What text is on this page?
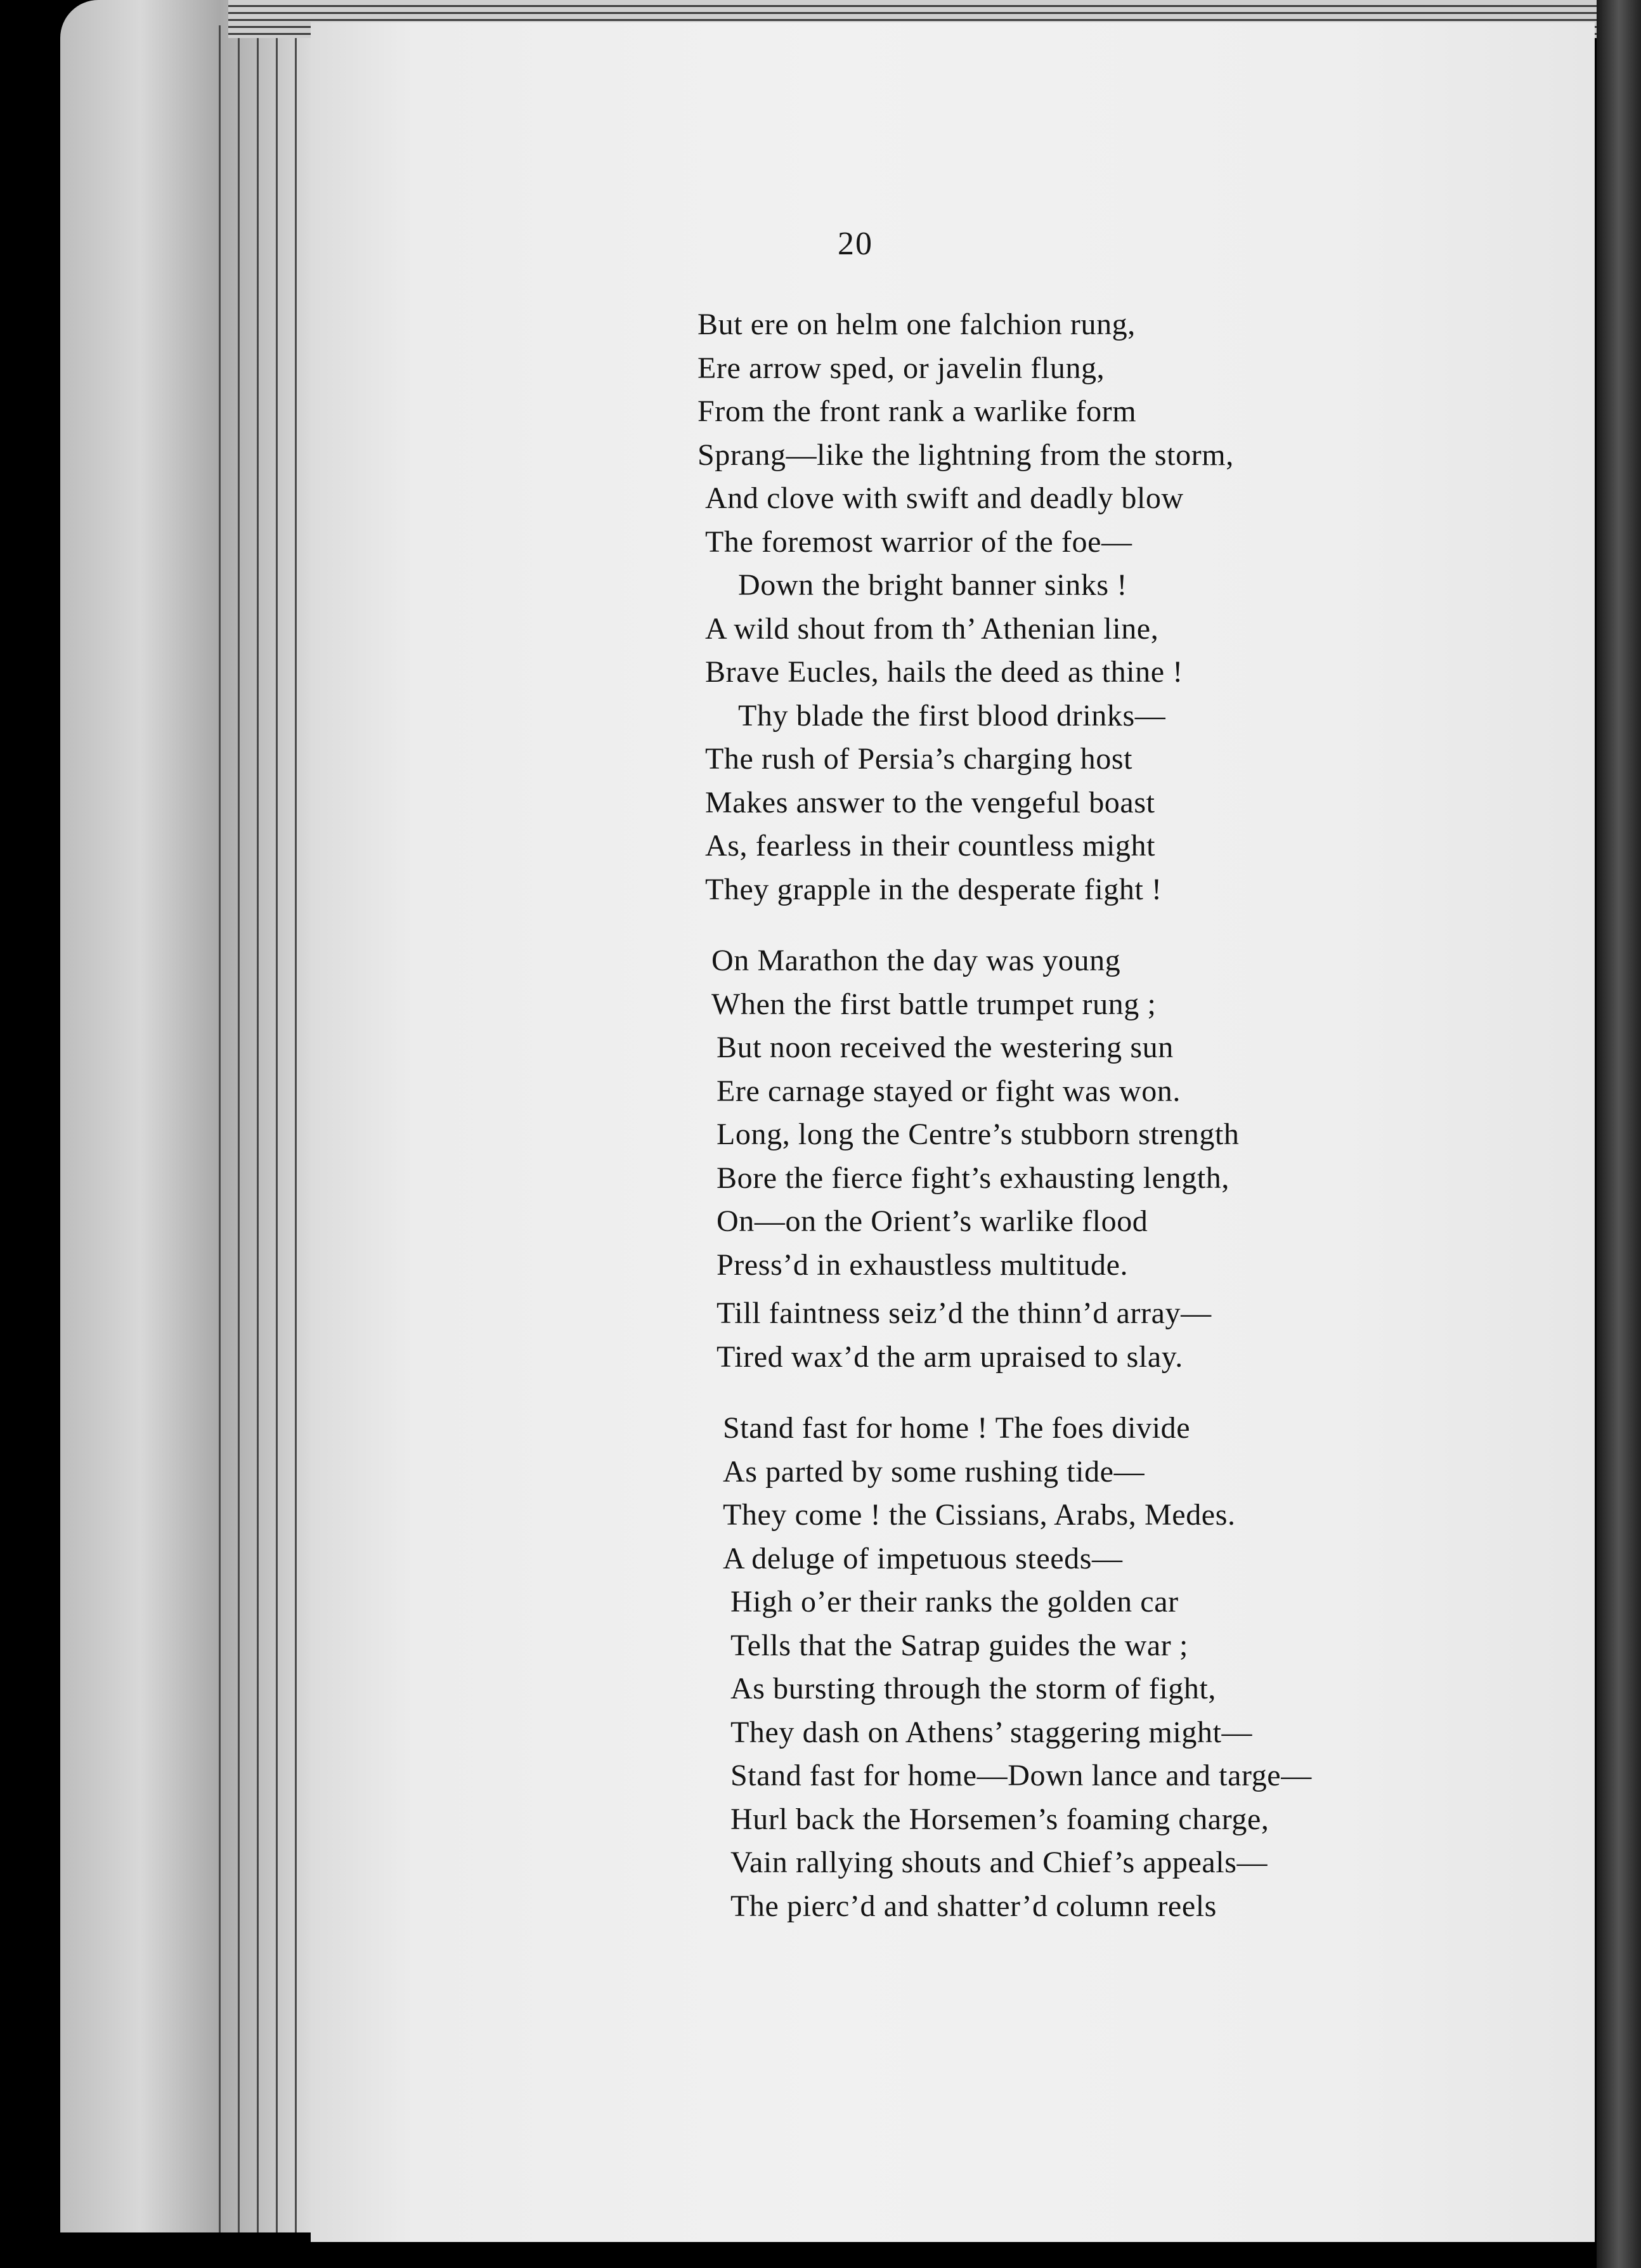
20
But ere on helm one falchion rung,
Ere arrow sped, or javelin flung,
From the front rank a warlike form
Sprang—like the lightning from the storm,
And clove with swift and deadly blow
The foremost warrior of the foe—
Down the bright banner sinks !
A wild shout from th’ Athenian line,
Brave Eucles, hails the deed as thine !
Thy blade the first blood drinks—
The rush of Persia’s charging host
Makes answer to the vengeful boast
As, fearless in their countless might
They grapple in the desperate fight !
On Marathon the day was young
When the first battle trumpet rung ;
But noon received the westering sun
Ere carnage stayed or fight was won.
Long, long the Centre’s stubborn strength
Bore the fierce fight’s exhausting length,
On—on the Orient’s warlike flood
Press’d in exhaustless multitude.
Till faintness seiz’d the thinn’d array—
Tired wax’d the arm upraised to slay.
Stand fast for home ! The foes divide
As parted by some rushing tide—
They come ! the Cissians, Arabs, Medes.
A deluge of impetuous steeds—
High o’er their ranks the golden car
Tells that the Satrap guides the war ;
As bursting through the storm of fight,
They dash on Athens’ staggering might—
Stand fast for home—Down lance and targe—
Hurl back the Horsemen’s foaming charge,
Vain rallying shouts and Chief’s appeals—
The pierc’d and shatter’d column reels
